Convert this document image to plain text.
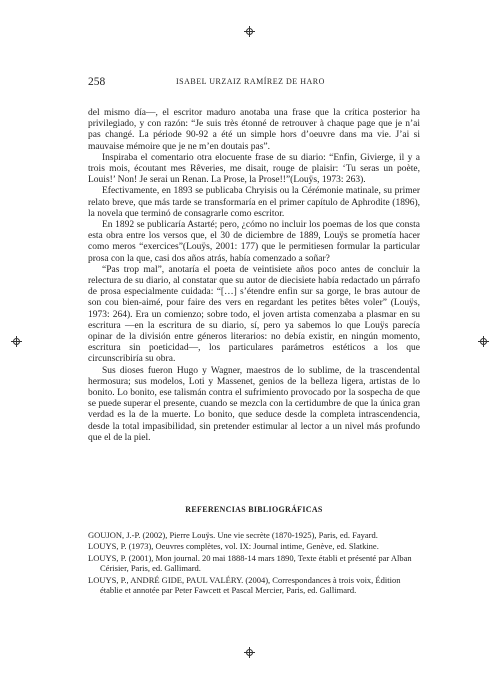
258	ISABEL URZAIZ RAMÍREZ DE HARO

del mismo día—, el escritor maduro anotaba una frase que la crítica posterior ha privilegiado, y con razón: “Je suis très étonné de retrouver à chaque page que je n’ai pas changé. La période 90-92 a été un simple hors d’oeuvre dans ma vie. J’ai si mauvaise mémoire que je ne m’en doutais pas”.

Inspiraba el comentario otra elocuente frase de su diario: “Enfin, Givierge, il y a trois mois, écoutant mes Rêveries, me disait, rouge de plaisir: ‘Tu seras un poète, Louis!’ Non! Je serai un Renan. La Prose, la Prose!!”(Louÿs, 1973: 263).

Efectivamente, en 1893 se publicaba Chryisis ou la Cérémonie matinale, su primer relato breve, que más tarde se transformaría en el primer capítulo de Aphrodite (1896), la novela que terminó de consagrarle como escritor.

En 1892 se publicaría Astarté; pero, ¿cómo no incluir los poemas de los que consta esta obra entre los versos que, el 30 de diciembre de 1889, Louÿs se prometía hacer como meros “exercices”(Louÿs, 2001: 177) que le permitiesen formular la particular prosa con la que, casi dos años atrás, había comenzado a soñar?

“Pas trop mal”, anotaría el poeta de veintisiete años poco antes de concluir la relectura de su diario, al constatar que su autor de diecisiete había redactado un párrafo de prosa especialmente cuidada: “[…] s’étendre enfin sur sa gorge, le bras autour de son cou bien-aimé, pour faire des vers en regardant les petites bêtes voler” (Louÿs, 1973: 264). Era un comienzo; sobre todo, el joven artista comenzaba a plasmar en su escritura —en la escritura de su diario, sí, pero ya sabemos lo que Louÿs parecía opinar de la división entre géneros literarios: no debía existir, en ningún momento, escritura sin poeticidad—, los particulares parámetros estéticos a los que circunscribiría su obra.

Sus dioses fueron Hugo y Wagner, maestros de lo sublime, de la trascendental hermosura; sus modelos, Loti y Massenet, genios de la belleza ligera, artistas de lo bonito. Lo bonito, ese talismán contra el sufrimiento provocado por la sospecha de que se puede superar el presente, cuando se mezcla con la certidumbre de que la única gran verdad es la de la muerte. Lo bonito, que seduce desde la completa intrascendencia, desde la total impasibilidad, sin pretender estimular al lector a un nivel más profundo que el de la piel.

REFERENCIAS BIBLIOGRÁFICAS

GOUJON, J.-P. (2002), Pierre Louÿs. Une vie secrète (1870-1925), Paris, ed. Fayard.

LOUYS, P. (1973), Oeuvres complètes, vol. IX: Journal intime, Genève, ed. Slatkine.

LOUYS, P. (2001), Mon journal. 20 mai 1888-14 mars 1890, Texte établi et présenté par Alban Cérisier, Paris, ed. Gallimard.

LOUYS, P., ANDRÉ GIDE, PAUL VALÉRY. (2004), Correspondances à trois voix, Édition établie et annotée par Peter Fawcett et Pascal Mercier, Paris, ed. Gallimard.
